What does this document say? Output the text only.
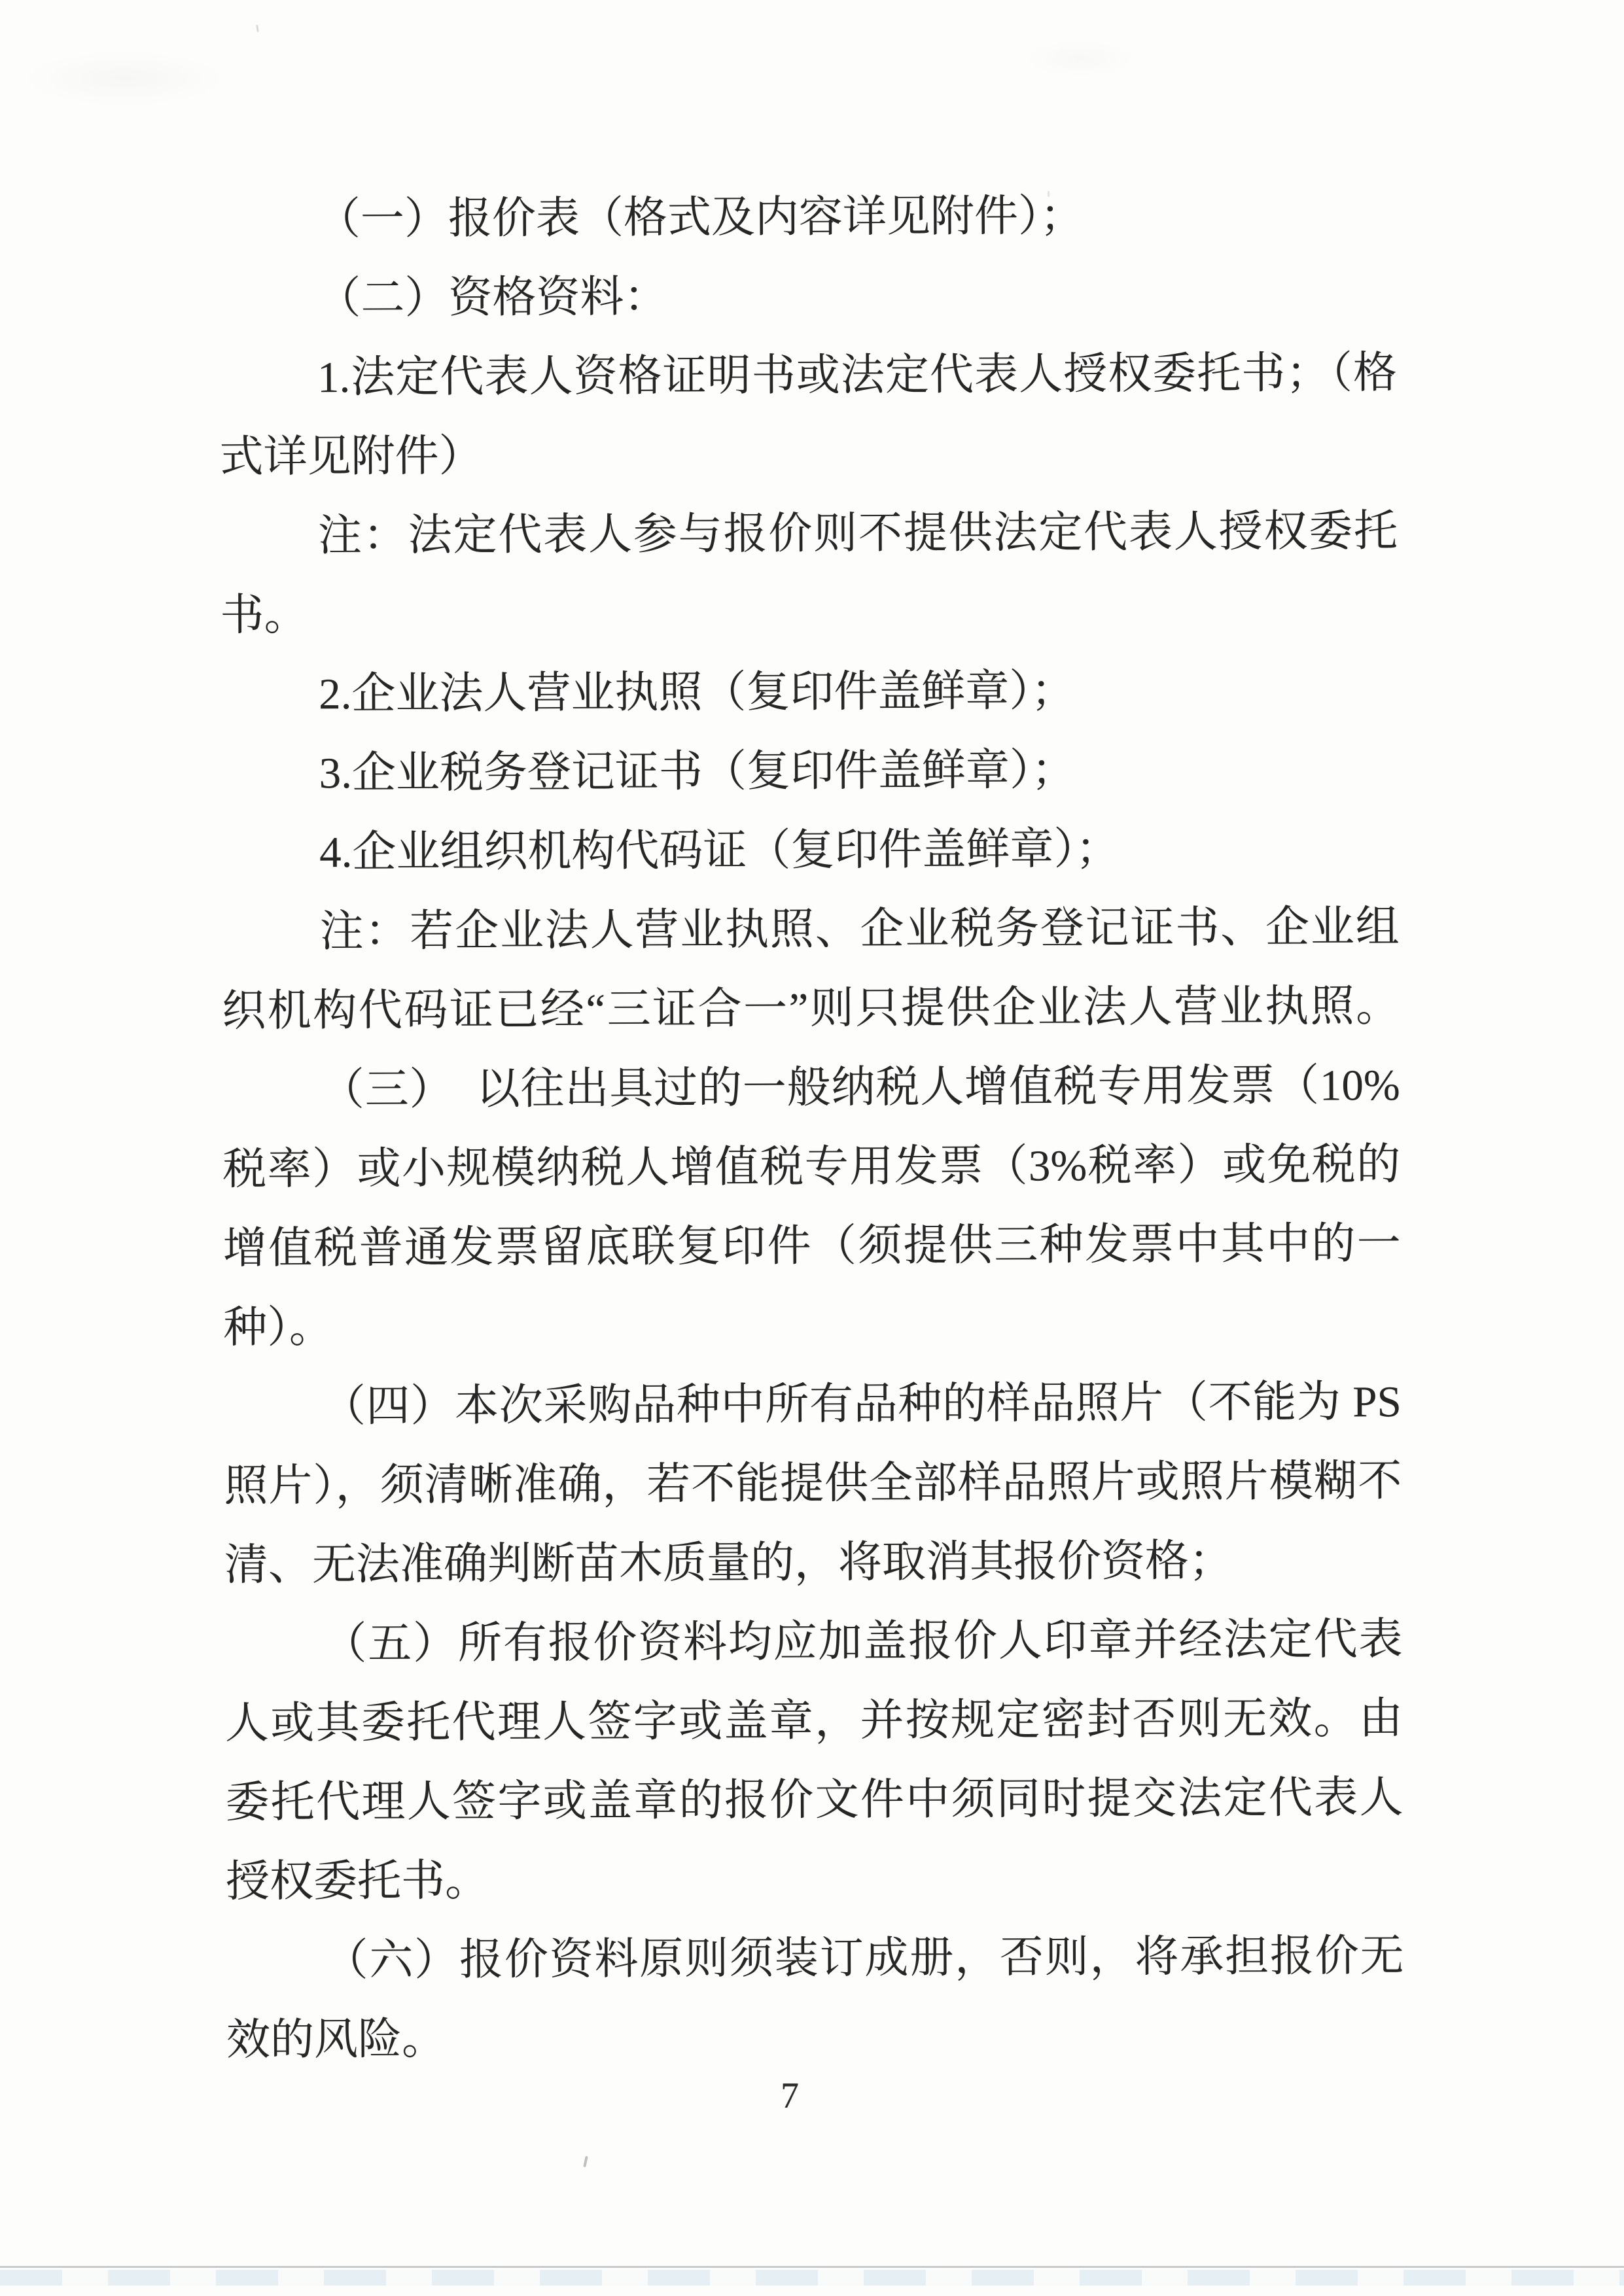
（一）报价表（格式及内容详见附件）；
（二）资格资料：
1.法定代表人资格证明书或法定代表人授权委托书；（格
式详见附件）
注：法定代表人参与报价则不提供法定代表人授权委托
书。
2.企业法人营业执照（复印件盖鲜章）；
3.企业税务登记证书（复印件盖鲜章）；
4.企业组织机构代码证（复印件盖鲜章）；
注：若企业法人营业执照、企业税务登记证书、企业组
织机构代码证已经“三证合一”则只提供企业法人营业执照。
（三）　以往出具过的一般纳税人增值税专用发票（10%
税率）或小规模纳税人增值税专用发票（3%税率）或免税的
增值税普通发票留底联复印件（须提供三种发票中其中的一
种）。
（四）本次采购品种中所有品种的样品照片（不能为 PS
照片），须清晰准确，若不能提供全部样品照片或照片模糊不
清、无法准确判断苗木质量的，将取消其报价资格；
（五）所有报价资料均应加盖报价人印章并经法定代表
人或其委托代理人签字或盖章，并按规定密封否则无效。由
委托代理人签字或盖章的报价文件中须同时提交法定代表人
授权委托书。
（六）报价资料原则须装订成册，否则，将承担报价无
效的风险。
7
